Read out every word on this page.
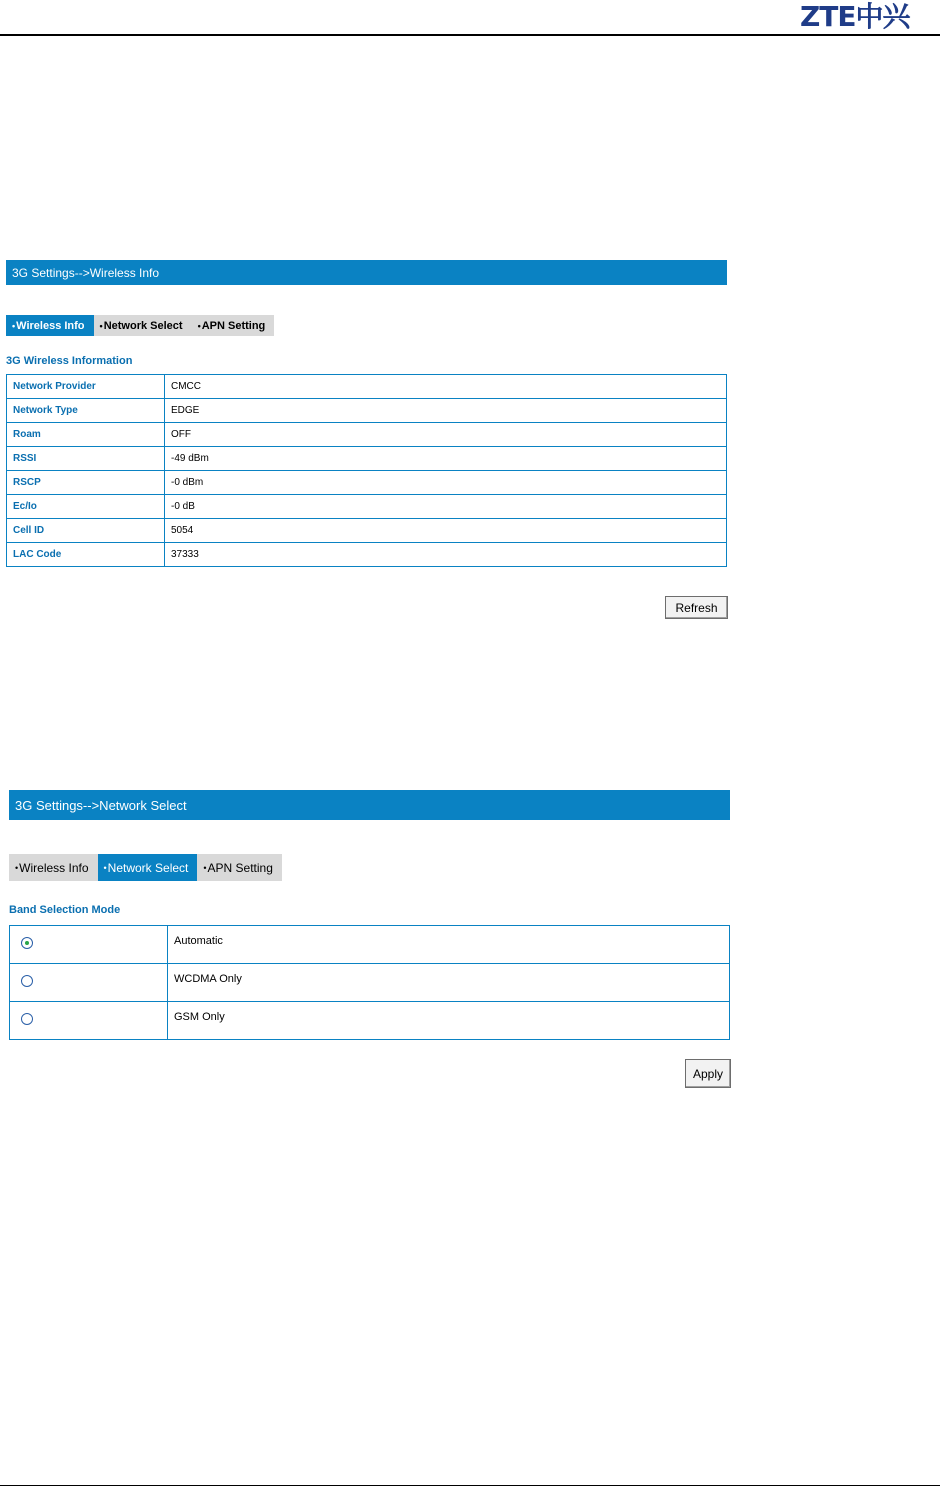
ZTE中兴
3G Settings-->Wireless Info
• Wireless Info • Network Select • APN Setting
3G Wireless Information
Network Provider	CMCC
Network Type	EDGE
Roam	OFF
RSSI	-49 dBm
RSCP	-0 dBm
Ec/Io	-0 dB
Cell ID	5054
LAC Code	37333
Refresh
3G Settings-->Network Select
• Wireless Info • Network Select • APN Setting
Band Selection Mode
	Automatic

	WCDMA Only

	GSM Only
Apply
